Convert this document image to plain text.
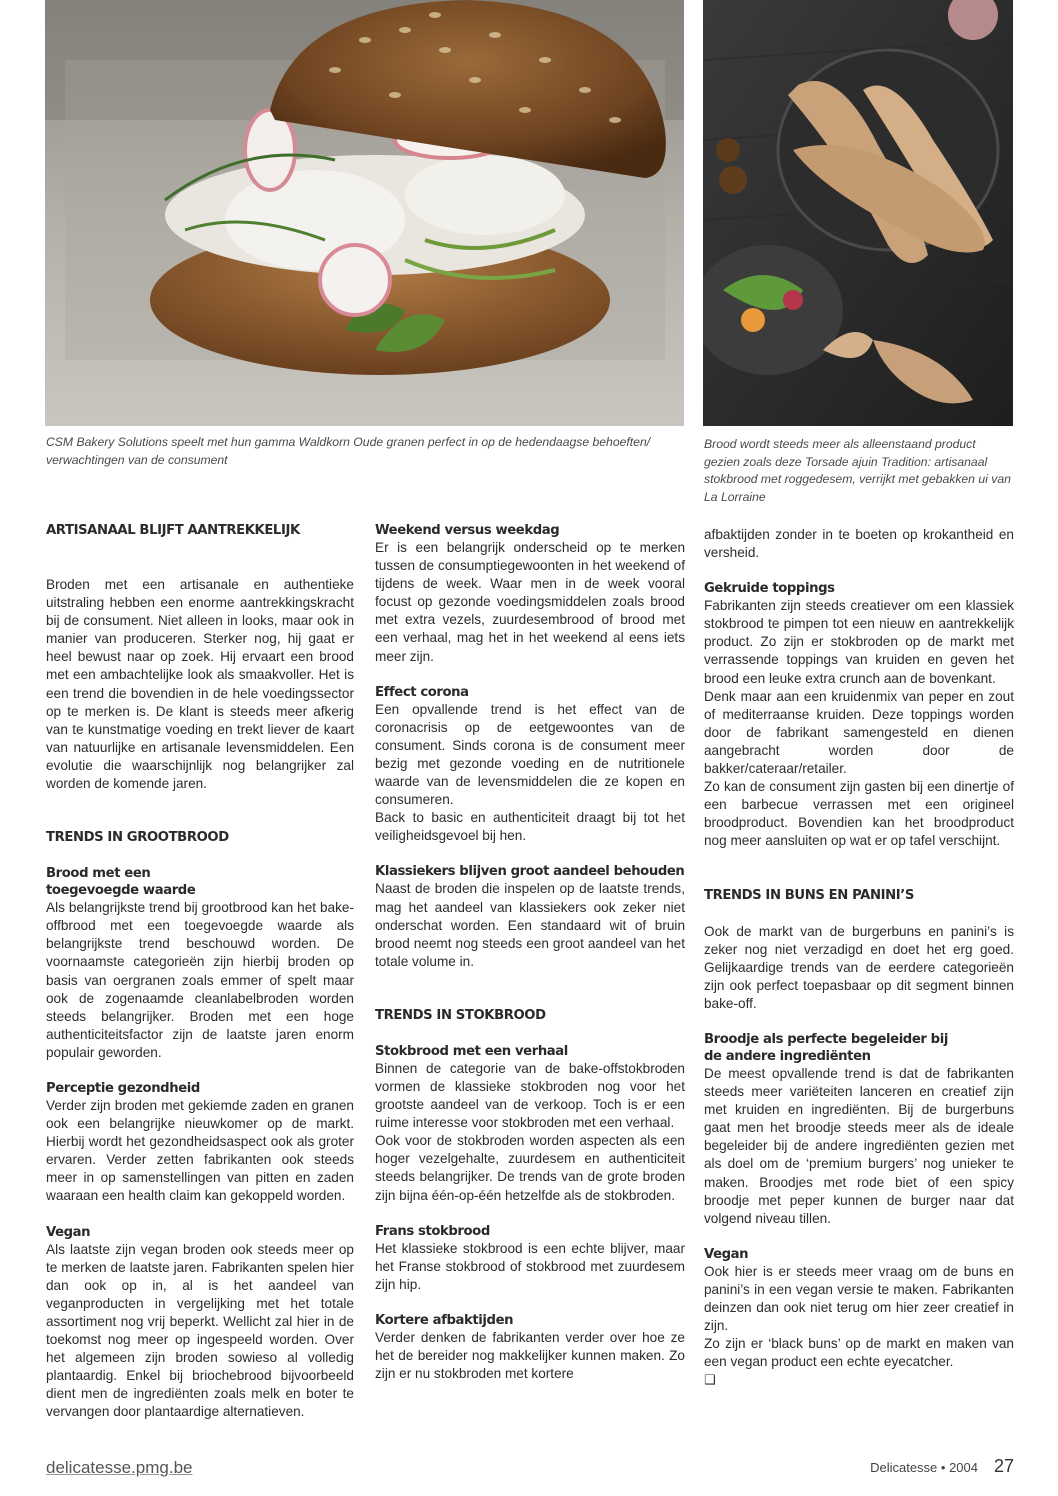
CSM Bakery Solutions speelt met hun gamma Waldkorn Oude granen perfect in op de hedendaagse behoeften/ verwachtingen van de consument

Brood wordt steeds meer als alleenstaand product gezien zoals deze Torsade ajuin Tradition: artisanaal stokbrood met roggedesem, verrijkt met gebakken ui van La Lorraine

ARTISANAAL BLIJFT AANTREKKELIJK

Broden met een artisanale en authentieke uitstraling hebben een enorme aantrekkingskracht bij de consument. Niet alleen in looks, maar ook in manier van produceren. Sterker nog, hij gaat er heel bewust naar op zoek. Hij ervaart een brood met een ambachtelijke look als smaakvoller. Het is een trend die bovendien in de hele voedingssector op te merken is. De klant is steeds meer afkerig van te kunstmatige voeding en trekt liever de kaart van natuurlijke en artisanale levensmiddelen. Een evolutie die waarschijnlijk nog belangrijker zal worden de komende jaren.

TRENDS IN GROOTBROOD
Brood met een toegevoegde waarde

Als belangrijkste trend bij grootbrood kan het bake-offbrood met een toegevoegde waarde als belangrijkste trend beschouwd worden. De voornaamste categorieën zijn hierbij broden op basis van oergranen zoals emmer of spelt maar ook de zogenaamde cleanlabelbroden worden steeds belangrijker. Broden met een hoge authenticiteitsfactor zijn de laatste jaren enorm populair geworden.

Perceptie gezondheid

Verder zijn broden met gekiemde zaden en granen ook een belangrijke nieuwkomer op de markt. Hierbij wordt het gezondheidsaspect ook als groter ervaren. Verder zetten fabrikanten ook steeds meer in op samenstellingen van pitten en zaden waaraan een health claim kan gekoppeld worden.

Vegan

Als laatste zijn vegan broden ook steeds meer op te merken de laatste jaren. Fabrikanten spelen hier dan ook op in, al is het aandeel van veganproducten in vergelijking met het totale assortiment nog vrij beperkt. Wellicht zal hier in de toekomst nog meer op ingespeeld worden. Over het algemeen zijn broden sowieso al volledig plantaardig. Enkel bij briochebrood bijvoorbeeld dient men de ingrediënten zoals melk en boter te vervangen door plantaardige alternatieven.

Weekend versus weekdag

Er is een belangrijk onderscheid op te merken tussen de consumptiegewoonten in het weekend of tijdens de week. Waar men in de week vooral focust op gezonde voedingsmiddelen zoals brood met extra vezels, zuurdesembrood of brood met een verhaal, mag het in het weekend al eens iets meer zijn.

Effect corona

Een opvallende trend is het effect van de coronacrisis op de eetgewoontes van de consument. Sinds corona is de consument meer bezig met gezonde voeding en de nutritionele waarde van de levensmiddelen die ze kopen en consumeren.

Back to basic en authenticiteit draagt bij tot het veiligheidsgevoel bij hen.

Klassiekers blijven groot aandeel behouden

Naast de broden die inspelen op de laatste trends, mag het aandeel van klassiekers ook zeker niet onderschat worden. Een standaard wit of bruin brood neemt nog steeds een groot aandeel van het totale volume in.

TRENDS IN STOKBROOD
Stokbrood met een verhaal

Binnen de categorie van de bake-offstokbroden vormen de klassieke stokbroden nog voor het grootste aandeel van de verkoop. Toch is er een ruime interesse voor stokbroden met een verhaal.

Ook voor de stokbroden worden aspecten als een hoger vezelgehalte, zuurdesem en authenticiteit steeds belangrijker. De trends van de grote broden zijn bijna één-op-één hetzelfde als de stokbroden.

Frans stokbrood

Het klassieke stokbrood is een echte blijver, maar het Franse stokbrood of stokbrood met zuurdesem zijn hip.

Kortere afbaktijden

Verder denken de fabrikanten verder over hoe ze het de bereider nog makkelijker kunnen maken. Zo zijn er nu stokbroden met kortere

afbaktijden zonder in te boeten op krokantheid en versheid.

Gekruide toppings

Fabrikanten zijn steeds creatiever om een klassiek stokbrood te pimpen tot een nieuw en aantrekkelijk product. Zo zijn er stokbroden op de markt met verrassende toppings van kruiden en geven het brood een leuke extra crunch aan de bovenkant.

Denk maar aan een kruidenmix van peper en zout of mediterraanse kruiden. Deze toppings worden door de fabrikant samengesteld en dienen aangebracht worden door de bakker/cateraar/retailer.

Zo kan de consument zijn gasten bij een dinertje of een barbecue verrassen met een origineel broodproduct. Bovendien kan het broodproduct nog meer aansluiten op wat er op tafel verschijnt.

TRENDS IN BUNS EN PANINI’S

Ook de markt van de burgerbuns en panini’s is zeker nog niet verzadigd en doet het erg goed. Gelijkaardige trends van de eerdere categorieën zijn ook perfect toepasbaar op dit segment binnen bake-off.

Broodje als perfecte begeleider bij de andere ingrediënten

De meest opvallende trend is dat de fabrikanten steeds meer variëteiten lanceren en creatief zijn met kruiden en ingrediënten. Bij de burgerbuns gaat men het broodje steeds meer als de ideale begeleider bij de andere ingrediënten gezien met als doel om de ‘premium burgers’ nog unieker te maken. Broodjes met rode biet of een spicy broodje met peper kunnen de burger naar dat volgend niveau tillen.

Vegan

Ook hier is er steeds meer vraag om de buns en panini’s in een vegan versie te maken. Fabrikanten deinzen dan ook niet terug om hier zeer creatief in zijn.

Zo zijn er ‘black buns’ op de markt en maken van een vegan product een echte eyecatcher.

❑

delicatesse.pmg.be	Delicatesse • 2004 27
